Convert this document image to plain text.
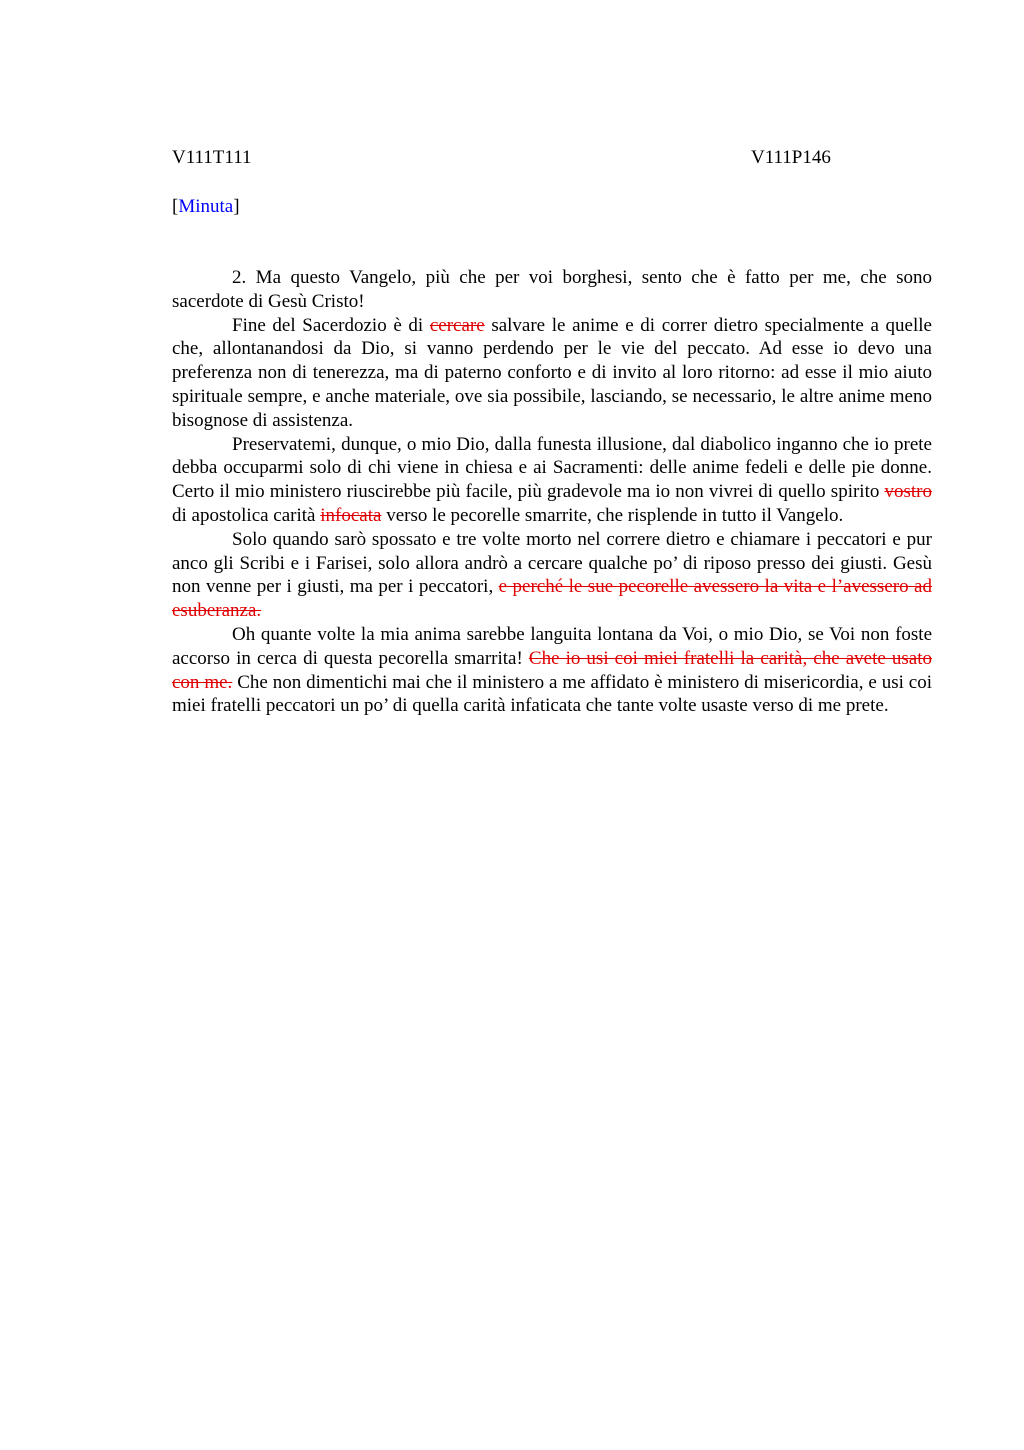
V111T111	V111P146
[Minuta]

2. Ma questo Vangelo, più che per voi borghesi, sento che è fatto per me, che sono sacerdote di Gesù Cristo!

Fine del Sacerdozio è di cercare salvare le anime e di correr dietro specialmente a quelle che, allontanandosi da Dio, si vanno perdendo per le vie del peccato. Ad esse io devo una preferenza non di tenerezza, ma di paterno conforto e di invito al loro ritorno: ad esse il mio aiuto spirituale sempre, e anche materiale, ove sia possibile, lasciando, se necessario, le altre anime meno bisognose di assistenza.

Preservatemi, dunque, o mio Dio, dalla funesta illusione, dal diabolico inganno che io prete debba occuparmi solo di chi viene in chiesa e ai Sacramenti: delle anime fedeli e delle pie donne. Certo il mio ministero riuscirebbe più facile, più gradevole ma io non vivrei di quello spirito vostro di apostolica carità infocata verso le pecorelle smarrite, che risplende in tutto il Vangelo.

Solo quando sarò spossato e tre volte morto nel correre dietro e chiamare i peccatori e pur anco gli Scribi e i Farisei, solo allora andrò a cercare qualche po’ di riposo presso dei giusti. Gesù non venne per i giusti, ma per i peccatori, e perché le sue pecorelle avessero la vita e l’avessero ad esuberanza.

Oh quante volte la mia anima sarebbe languita lontana da Voi, o mio Dio, se Voi non foste accorso in cerca di questa pecorella smarrita! Che io usi coi miei fratelli la carità, che avete usato con me. Che non dimentichi mai che il ministero a me affidato è ministero di misericordia, e usi coi miei fratelli peccatori un po’ di quella carità infaticata che tante volte usaste verso di me prete.
